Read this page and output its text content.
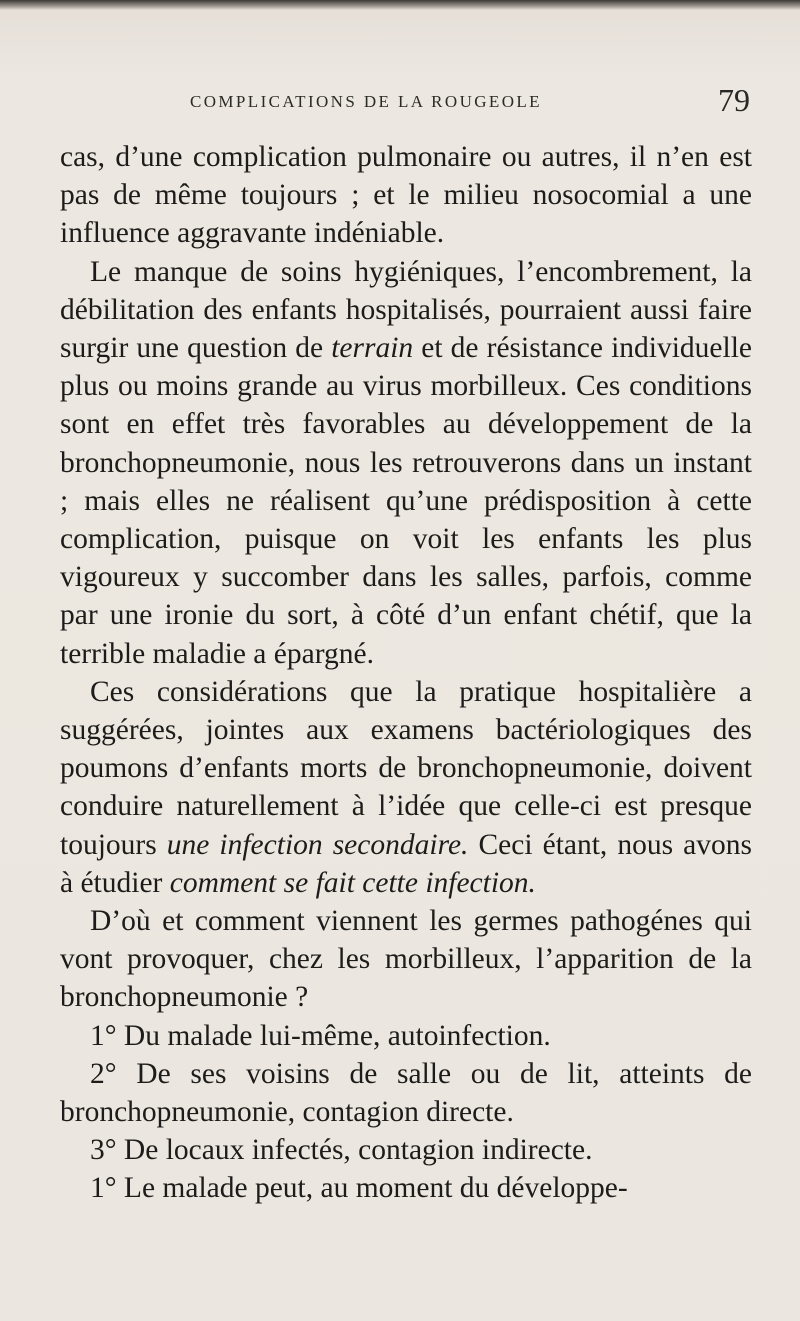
COMPLICATIONS DE LA ROUGEOLE	79

cas, d’une complication pulmonaire ou autres, il n’en est pas de même toujours ; et le milieu nosocomial a une influence aggravante indéniable.

Le manque de soins hygiéniques, l’encombrement, la débilitation des enfants hospitalisés, pourraient aussi faire surgir une question de terrain et de résistance individuelle plus ou moins grande au virus morbilleux. Ces conditions sont en effet très favorables au développement de la bronchopneumonie, nous les retrouverons dans un instant ; mais elles ne réalisent qu’une prédisposition à cette complication, puisque on voit les enfants les plus vigoureux y succomber dans les salles, parfois, comme par une ironie du sort, à côté d’un enfant chétif, que la terrible maladie a épargné.

Ces considérations que la pratique hospitalière a suggérées, jointes aux examens bactériologiques des poumons d’enfants morts de bronchopneumonie, doivent conduire naturellement à l’idée que celle-ci est presque toujours une infection secondaire. Ceci étant, nous avons à étudier comment se fait cette infection.

D’où et comment viennent les germes pathogénes qui vont provoquer, chez les morbilleux, l’apparition de la bronchopneumonie ?

1° Du malade lui-même, autoinfection.

2° De ses voisins de salle ou de lit, atteints de bronchopneumonie, contagion directe.

3° De locaux infectés, contagion indirecte.

1° Le malade peut, au moment du développe-
